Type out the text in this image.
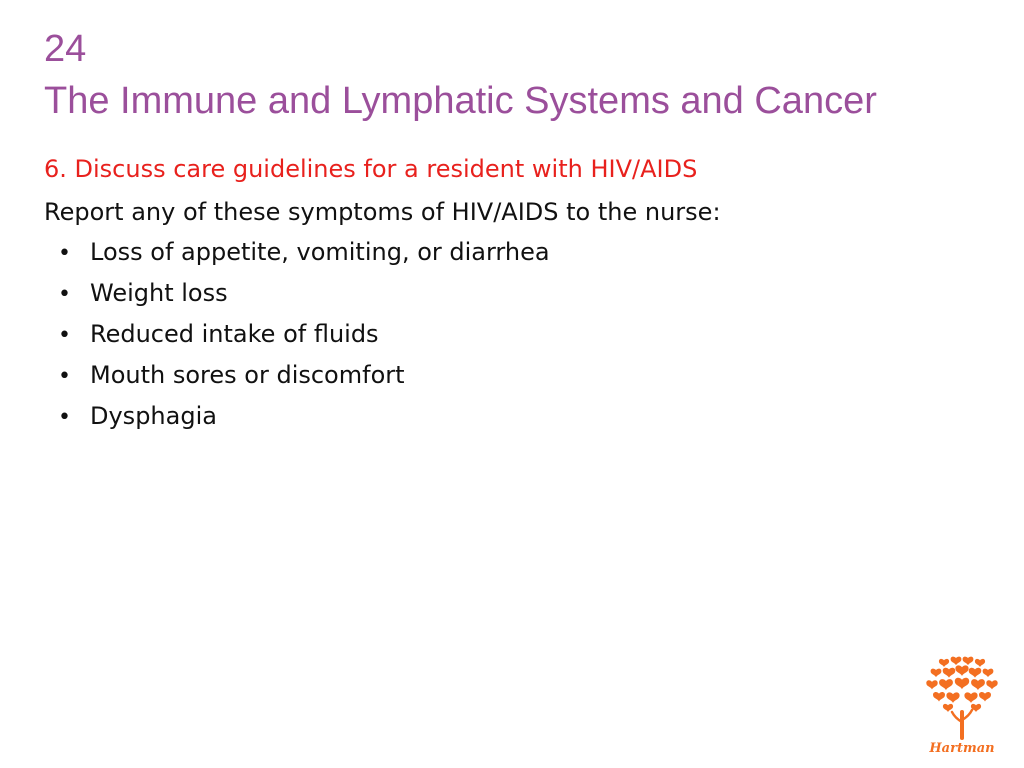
24
The Immune and Lymphatic Systems and Cancer
6. Discuss care guidelines for a resident with HIV/AIDS
Report any of these symptoms of HIV/AIDS to the nurse:
• Loss of appetite, vomiting, or diarrhea
• Weight loss
• Reduced intake of fluids
• Mouth sores or discomfort
• Dysphagia
Hartman
